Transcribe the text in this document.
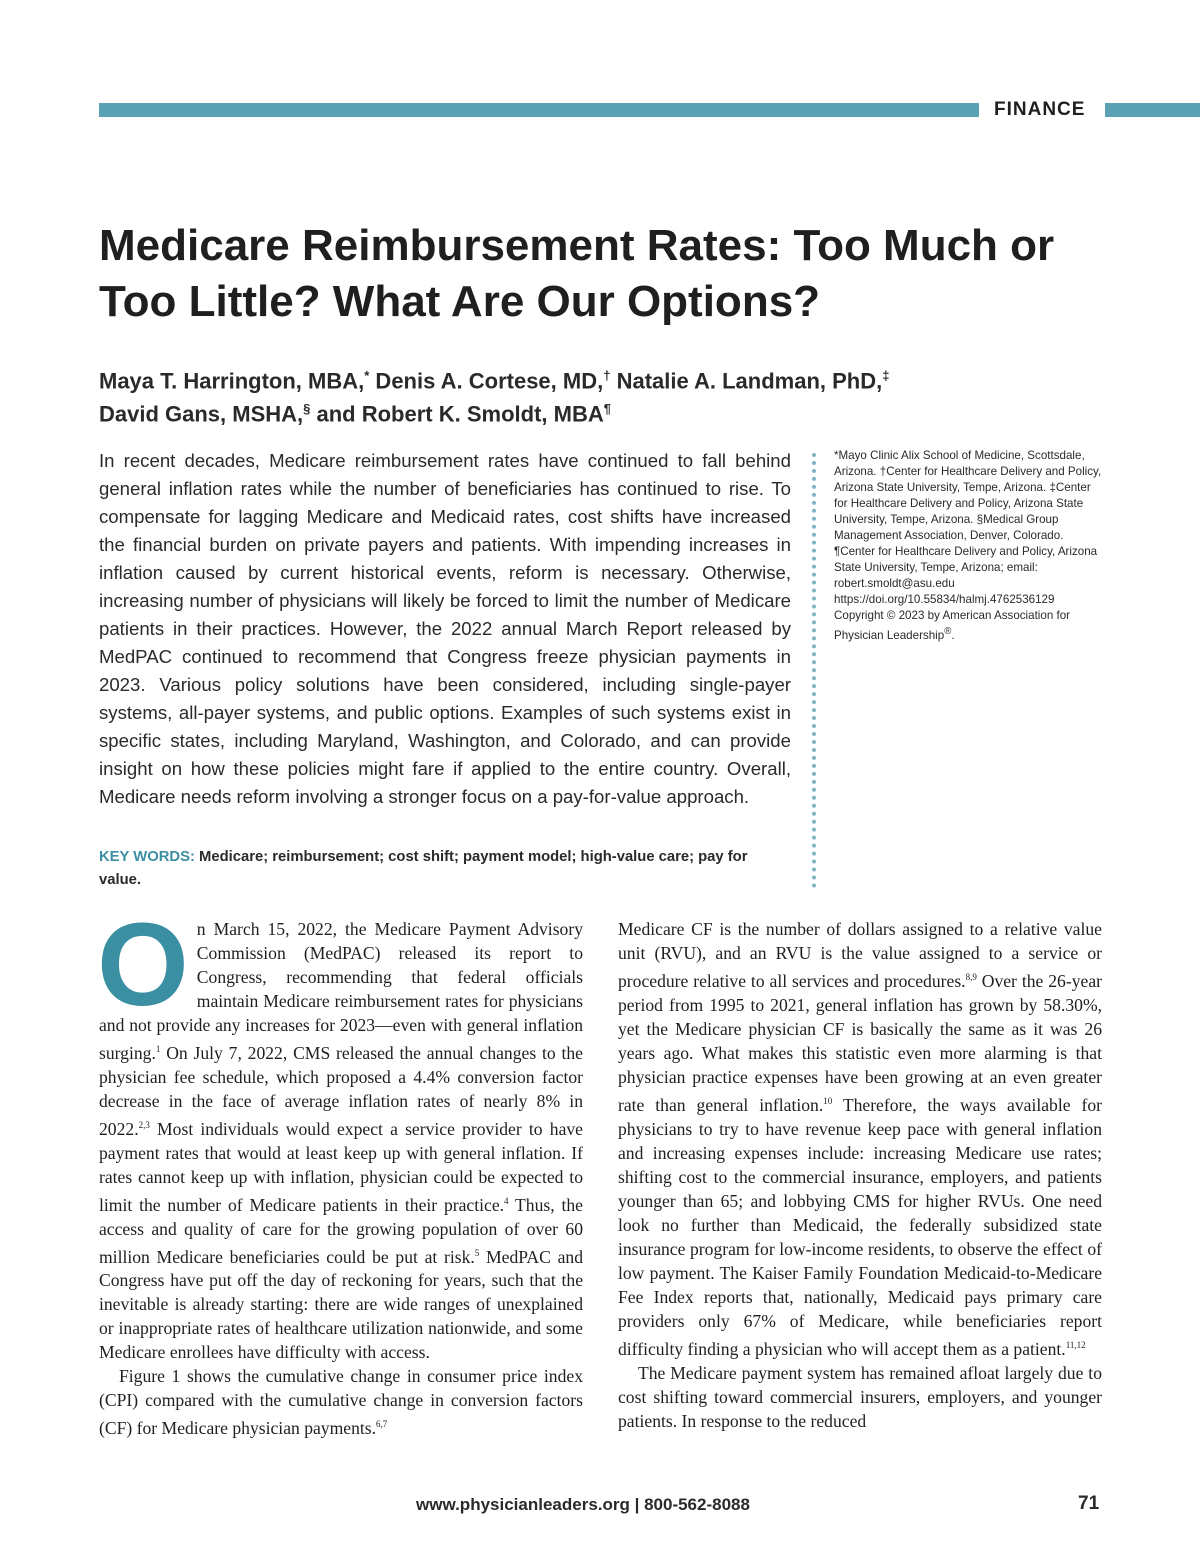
FINANCE
Medicare Reimbursement Rates: Too Much or Too Little? What Are Our Options?
Maya T. Harrington, MBA,* Denis A. Cortese, MD,† Natalie A. Landman, PhD,‡
David Gans, MSHA,§ and Robert K. Smoldt, MBA¶

In recent decades, Medicare reimbursement rates have continued to fall behind general inflation rates while the number of beneficiaries has continued to rise. To compensate for lagging Medicare and Medicaid rates, cost shifts have increased the financial burden on private payers and patients. With impending increases in inflation caused by current historical events, reform is necessary. Otherwise, increasing number of physicians will likely be forced to limit the number of Medicare patients in their practices. However, the 2022 annual March Report released by MedPAC continued to recommend that Congress freeze physician payments in 2023. Various policy solutions have been considered, including single-payer systems, all-payer systems, and public options. Examples of such systems exist in specific states, including Maryland, Washington, and Colorado, and can provide insight on how these policies might fare if applied to the entire country. Overall, Medicare needs reform involving a stronger focus on a pay-for-value approach.

KEY WORDS: Medicare; reimbursement; cost shift; payment model; high-value care; pay for value.

*Mayo Clinic Alix School of Medicine, Scottsdale, Arizona. †Center for Healthcare Delivery and Policy, Arizona State University, Tempe, Arizona. ‡Center for Healthcare Delivery and Policy, Arizona State University, Tempe, Arizona. §Medical Group Management Association, Denver, Colorado. ¶Center for Healthcare Delivery and Policy, Arizona State University, Tempe, Arizona; email: robert.smoldt@asu.edu
https://doi.org/10.55834/halmj.4762536129
Copyright © 2023 by American Association for Physician Leadership®.

On March 15, 2022, the Medicare Payment Advisory Commission (MedPAC) released its report to Congress, recommending that federal officials maintain Medicare reimbursement rates for physicians and not provide any increases for 2023—even with general inflation surging.$^1$ On July 7, 2022, CMS released the annual changes to the physician fee schedule, which proposed a 4.4% conversion factor decrease in the face of average inflation rates of nearly 8% in 2022.$^{2,3}$ Most individuals would expect a service provider to have payment rates that would at least keep up with general inflation. If rates cannot keep up with inflation, physician could be expected to limit the number of Medicare patients in their practice.$^4$ Thus, the access and quality of care for the growing population of over 60 million Medicare beneficiaries could be put at risk.$^5$ MedPAC and Congress have put off the day of reckoning for years, such that the inevitable is already starting: there are wide ranges of unexplained or inappropriate rates of healthcare utilization nationwide, and some Medicare enrollees have difficulty with access.

Figure 1 shows the cumulative change in consumer price index (CPI) compared with the cumulative change in conversion factors (CF) for Medicare physician payments.$^{6,7}$

Medicare CF is the number of dollars assigned to a relative value unit (RVU), and an RVU is the value assigned to a service or procedure relative to all services and procedures.$^{8,9}$ Over the 26-year period from 1995 to 2021, general inflation has grown by 58.30%, yet the Medicare physician CF is basically the same as it was 26 years ago. What makes this statistic even more alarming is that physician practice expenses have been growing at an even greater rate than general inflation.$^{10}$ Therefore, the ways available for physicians to try to have revenue keep pace with general inflation and increasing expenses include: increasing Medicare use rates; shifting cost to the commercial insurance, employers, and patients younger than 65; and lobbying CMS for higher RVUs. One need look no further than Medicaid, the federally subsidized state insurance program for low-income residents, to observe the effect of low payment. The Kaiser Family Foundation Medicaid-to-Medicare Fee Index reports that, nationally, Medicaid pays primary care providers only 67% of Medicare, while beneficiaries report difficulty finding a physician who will accept them as a patient.$^{11,12}$

The Medicare payment system has remained afloat largely due to cost shifting toward commercial insurers, employers, and younger patients. In response to the reduced

www.physicianleaders.org | 800-562-8088	71
